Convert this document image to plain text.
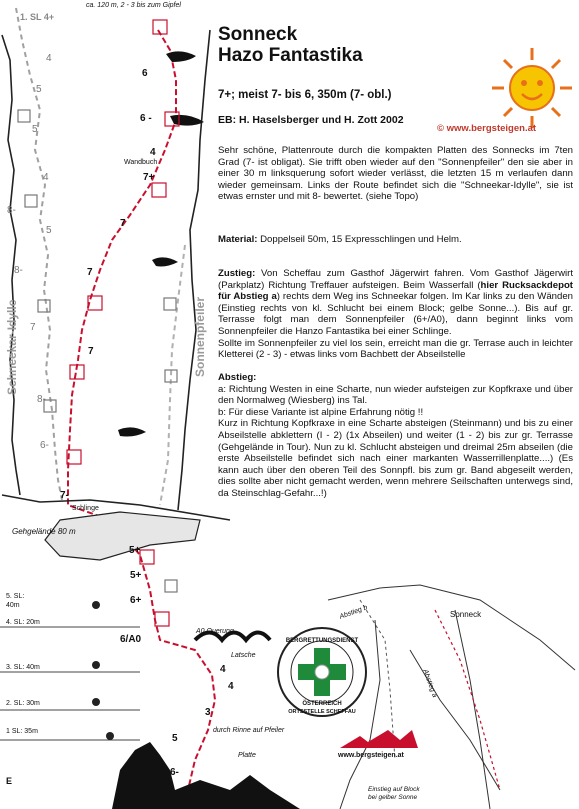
Sonneck
Hazo Fantastika
7+; meist 7- bis 6, 350m (7- obl.)
EB: H. Haselsberger und H. Zott 2002
© www.bergsteigen.at
Sehr schöne, Plattenroute durch die kompakten Platten des Sonnecks im 7ten Grad (7- ist obligat). Sie trifft oben wieder auf den "Sonnenpfeiler" den sie aber in einer 30 m linksquerung sofort wieder verlässt, die letzten 15 m verlaufen dann wieder gemeinsam. Links der Route befindet sich die "Schneekar-Idylle", sie ist etwas ernster und mit 8- bewertet. (siehe Topo)
Material: Doppelseil 50m, 15 Expresschlingen und Helm.
Zustieg: Von Scheffau zum Gasthof Jägerwirt fahren. Vom Gasthof Jägerwirt (Parkplatz) Richtung Treffauer aufsteigen. Beim Wasserfall (hier Rucksackdepot für Abstieg a) rechts dem Weg ins Schneekar folgen. Im Kar links zu den Wänden (Einstieg rechts von kl. Schlucht bei einem Block; gelbe Sonne...). Bis auf gr. Terrasse folgt man dem Sonnenpfeiler (6+/A0), dann beginnt links vom Sonnenpfeiler die Hanzo Fantastika bei einer Schlinge.
Sollte im Sonnenpfeiler zu viel los sein, erreicht man die gr. Terrase auch in leichter Kletterei (2 - 3) - etwas links vom Bachbett der Abseilstelle
Abstieg:
a: Richtung Westen in eine Scharte, nun wieder aufsteigen zur Kopfkraxe und über den Normalweg (Wiesberg) ins Tal.
b: Für diese Variante ist alpine Erfahrung nötig !!
Kurz in Richtung Kopfkraxe in eine Scharte absteigen (Steinmann) und bis zu einer Abseilstelle abklettern (I - 2) (1x Abseilen) und weiter (1 - 2) bis zur gr. Terrasse (Gehgelände in Tour). Nun zu kl. Schlucht absteigen und dreimal 25m abseilen (die erste Abseilstelle befindet sich nach einer markanten Wasserrillenplatte....) (Es kann auch über den oberen Teil des Sonnpfl. bis zum gr. Band abgeseilt werden, dies sollte aber nicht gemacht werden, wenn mehrere Seilschaften unterwegs sind, da Steinschlag-Gefahr...!)
ca. 120 m, 2 - 3 bis zum Gipfel
1. SL 4+
Schneekar-Idylle	Sonnenpfeiler
Wandbuch
Schlinge
Gehgelände 80 m
A0 Querung
Latsche
durch Rinne auf Pfeiler
Platte
Einstieg auf Block
bei gelber Sonne
5. SL:
40m
4. SL: 20m
3. SL: 40m
2. SL: 30m
1 SL: 35m
4
5
5
4
5
8-
8-
7
8-
6-
6
6 -
4
7+
7
7
7
7-
5+
6+
5+
6/A0
4
4
3
5
6-
E
Sonneck
Abstieg b
Abstieg a
BERGRETTUNGSDIENST
ÖSTERREICH
ORTSSTELLE SCHEFFAU
www.bergsteigen.at
